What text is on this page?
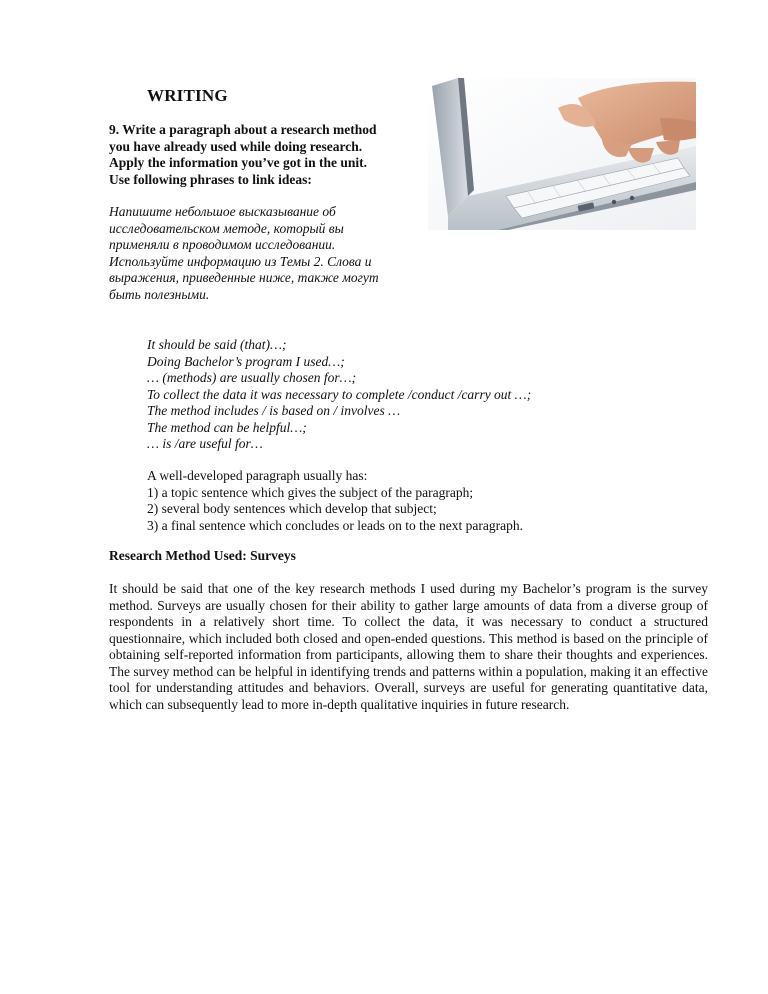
WRITING
9. Write a paragraph about a research method you have already used while doing research. Apply the information you’ve got in the unit. Use following phrases to link ideas:
Напишите небольшое высказывание об исследовательском методе, который вы применяли в проводимом исследовании. Используйте информацию из Темы 2. Слова и выражения, приведенные ниже, также могут быть полезными.
It should be said (that)…;
Doing Bachelor’s program I used…;
… (methods) are usually chosen for…;
To collect the data it was necessary to complete /conduct /carry out …;
The method includes / is based on / involves …
The method can be helpful…;
… is /are useful for…
A well-developed paragraph usually has:
1) a topic sentence which gives the subject of the paragraph;
2) several body sentences which develop that subject;
3) a final sentence which concludes or leads on to the next paragraph.
Research Method Used: Surveys
It should be said that one of the key research methods I used during my Bachelor’s program is the survey method. Surveys are usually chosen for their ability to gather large amounts of data from a diverse group of respondents in a relatively short time. To collect the data, it was necessary to conduct a structured questionnaire, which included both closed and open-ended questions. This method is based on the principle of obtaining self-reported information from participants, allowing them to share their thoughts and experiences. The survey method can be helpful in identifying trends and patterns within a population, making it an effective tool for understanding attitudes and behaviors. Overall, surveys are useful for generating quantitative data, which can subsequently lead to more in-depth qualitative inquiries in future research.
